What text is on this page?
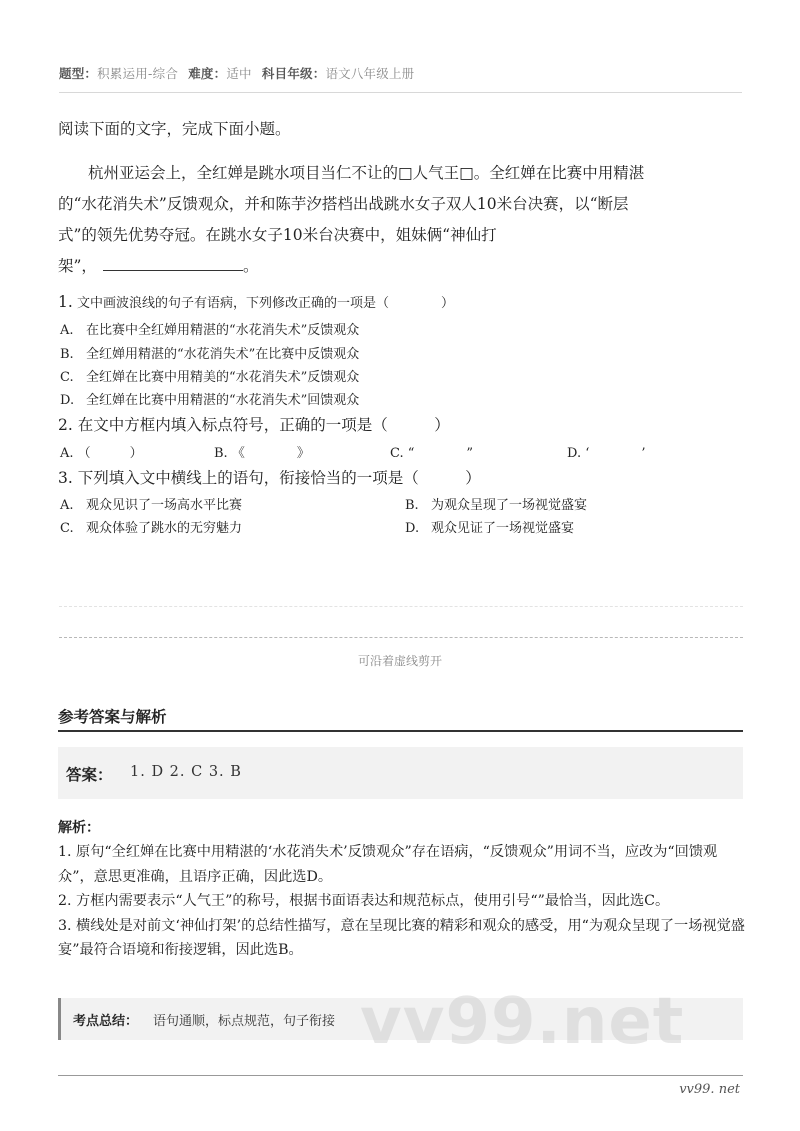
题型：积累运用-综合 难度：适中 科目年级：语文八年级上册
阅读下面的文字，完成下面小题。
杭州亚运会上，全红婵是跳水项目当仁不让的□人气王□。全红婵在比赛中用精湛
的“水花消失术”反馈观众，并和陈芋汐搭档出战跳水女子双人10米台决赛，以“断层
式”的领先优势夺冠。在跳水女子10米台决赛中，姐妹俩“神仙打
架”，	。
1. 文中画波浪线的句子有语病，下列修改正确的一项是（　　　　）
A. 在比赛中全红婵用精湛的“水花消失术”反馈观众
B. 全红婵用精湛的“水花消失术”在比赛中反馈观众
C. 全红婵在比赛中用精美的“水花消失术”反馈观众
D. 全红婵在比赛中用精湛的“水花消失术”回馈观众
2. 在文中方框内填入标点符号，正确的一项是（　　　）
A. （　　　）	B. 《　　　　》	C. “　　　　”	D. ‘　　　　’
3. 下列填入文中横线上的语句，衔接恰当的一项是（　　　）
A. 观众见识了一场高水平比赛	B. 为观众呈现了一场视觉盛宴
C. 观众体验了跳水的无穷魅力	D. 观众见证了一场视觉盛宴
可沿着虚线剪开
参考答案与解析
答案： 1. D 2. C 3. B
解析：

1. 原句“全红婵在比赛中用精湛的‘水花消失术’反馈观众”存在语病，“反馈观众”用词不当，应改为“回馈观众”，意思更准确，且语序正确，因此选D。

2. 方框内需要表示“人气王”的称号，根据书面语表达和规范标点，使用引号“”最恰当，因此选C。

3. 横线处是对前文‘神仙打架’的总结性描写，意在呈现比赛的精彩和观众的感受，用“为观众呈现了一场视觉盛宴”最符合语境和衔接逻辑，因此选B。

考点总结： 语句通顺，标点规范，句子衔接 vv99.net
vv99. net
